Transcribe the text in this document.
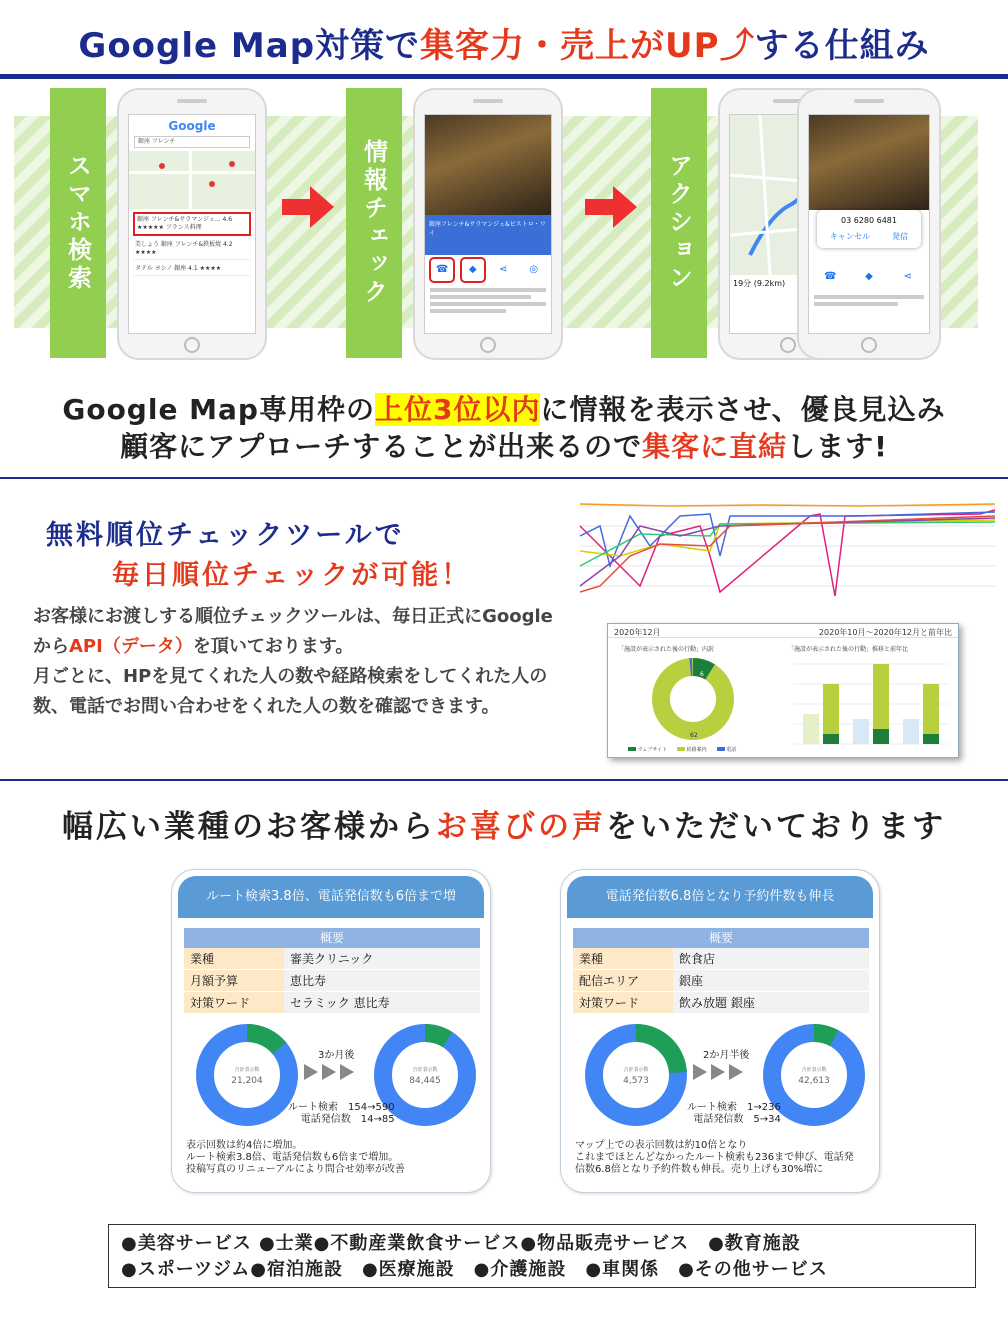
Google Map対策で集客力・売上がUP⤴する仕組み
スマホ検索	情報チェック	アクション
Google
銀座 フレンチ
銀座 フレンチ&サラマンジェ... 4.6 ★★★★★ フランス料理
美しょう 銀座 フレンチ&鉄板焼 4.2 ★★★★
タテル ヨシノ 銀座 4.1 ★★★★
銀座フレンチ&サラマンジェ&ビストロ・ワイ
☎	◆	⋖	◎
19分 (9.2km)
03 6280 6481
キャンセル	発信
☎	◆	⋖
Google Map専用枠の上位3位以内に情報を表示させ、優良見込み
顧客にアプローチすることが出来るので集客に直結します!
無料順位チェックツールで
毎日順位チェックが可能！
お客様にお渡しする順位チェックツールは、毎日正式にGoogleからAPI（データ）を頂いております。
月ごとに、HPを見てくれた人の数や経路検索をしてくれた人の数、電話でお問い合わせをくれた人の数を確認できます。
2020年12月	2020年10月～2020年12月と前年比
「施設が表示された後の行動」内訳
62
6
ウェブサイト	経路案内	電話
「施設が表示された後の行動」推移と前年比
幅広い業種のお客様からお喜びの声をいただいております
ルート検索3.8倍、電話発信数も6倍まで増
概要
業種	審美クリニック
月額予算	恵比寿
対策ワード	セラミック 恵比寿
合計表示数
21,204
3か月後
合計表示数
84,445
ルート検索　154→590
電話発信数　14→85
表示回数は約4倍に増加。
ルート検索3.8倍、電話発信数も6倍まで増加。
投稿写真のリニューアルにより問合せ効率が改善
電話発信数6.8倍となり予約件数も伸長
概要
業種	飲食店
配信エリア	銀座
対策ワード	飲み放題 銀座
合計表示数
4,573
2か月半後
合計表示数
42,613
ルート検索　1→236
電話発信数　5→34
マップ上での表示回数は約10倍となり
これまでほとんどなかったルート検索も236まで伸び、電話発
信数6.8倍となり予約件数も伸長。売り上げも30%増に
●美容サービス ●士業●不動産業飲食サービス●物品販売サービス　●教育施設
●スポーツジム●宿泊施設　●医療施設　●介護施設　●車関係　●その他サービス
